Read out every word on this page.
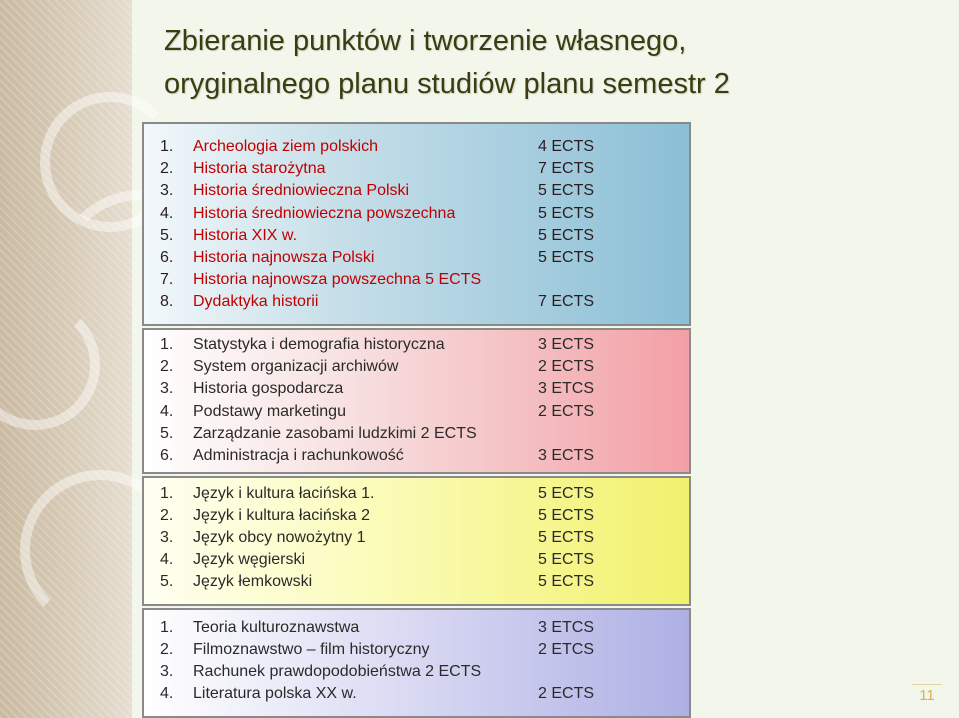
Zbieranie punktów i tworzenie własnego,
oryginalnego planu studiów planu semestr 2
1.	Archeologia ziem polskich	4 ECTS
2.	Historia starożytna	7 ECTS
3.	Historia średniowieczna Polski	5 ECTS
4.	Historia średniowieczna powszechna	5 ECTS
5.	Historia XIX w.	5 ECTS
6.	Historia najnowsza Polski	5 ECTS
7.	Historia najnowsza powszechna 5 ECTS
8.	Dydaktyka historii	7 ECTS
1.	Statystyka i demografia historyczna	3 ECTS
2.	System organizacji archiwów	2 ECTS
3.	Historia gospodarcza	3 ETCS
4.	Podstawy marketingu	2 ECTS
5.	Zarządzanie zasobami ludzkimi 2 ECTS
6.	Administracja i rachunkowość	3 ECTS
1.	Język i kultura łacińska 1.	5 ECTS
2.	Język i kultura łacińska 2	5 ECTS
3.	Język obcy nowożytny 1	5 ECTS
4.	Język węgierski	5 ECTS
5.	Język łemkowski	5 ECTS
1.	Teoria kulturoznawstwa	3 ETCS
2.	Filmoznawstwo – film historyczny	2 ETCS
3.	Rachunek prawdopodobieństwa 2 ECTS
4.	Literatura polska XX w.	2 ECTS	11
